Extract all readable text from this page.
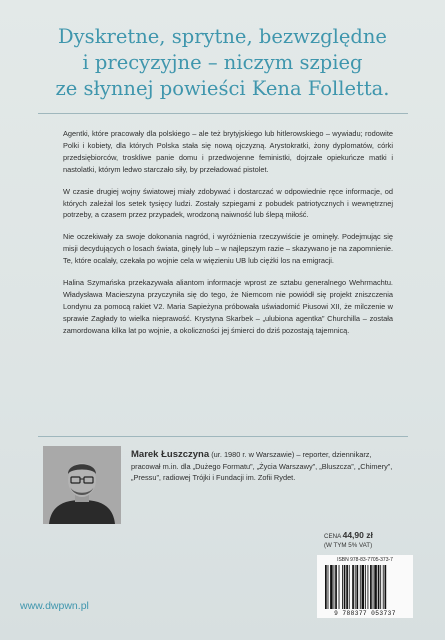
Dyskretne, sprytne, bezwzględne
i precyzyjne – niczym szpieg
ze słynnej powieści Kena Folletta.

Agentki, które pracowały dla polskiego – ale też brytyjskiego lub hitlerowskiego – wywiadu; rodowite Polki i kobiety, dla których Polska stała się nową ojczyzną. Arystokratki, żony dyplomatów, córki przedsiębiorców, troskliwe panie domu i przedwojenne feministki, dojrzałe opiekuńcze matki i nastolatki, którym ledwo starczało siły, by przeładować pistolet.

W czasie drugiej wojny światowej miały zdobywać i dostarczać w odpowiednie ręce informacje, od których zależał los setek tysięcy ludzi. Zostały szpiegami z pobudek patriotycznych i wewnętrznej potrzeby, a czasem przez przypadek, wrodzoną naiwność lub ślepą miłość.

Nie oczekiwały za swoje dokonania nagród, i wyróżnienia rzeczywiście je ominęły. Podejmując się misji decydujących o losach świata, ginęły lub – w najlepszym razie – skazywano je na zapomnienie. Te, które ocalały, czekała po wojnie cela w więzieniu UB lub ciężki los na emigracji.

Halina Szymańska przekazywała aliantom informacje wprost ze sztabu generalnego Wehrmachtu. Władysława Macieszyna przyczyniła się do tego, że Niemcom nie powiódł się projekt zniszczenia Londynu za pomocą rakiet V2. Maria Sapieżyna próbowała uświadomić Piusowi XII, że milczenie w sprawie Zagłady to wielka nieprawość. Krystyna Skarbek – „ulubiona agentka” Churchilla – została zamordowana kilka lat po wojnie, a okoliczności jej śmierci do dziś pozostają tajemnicą.

Marek Łuszczyna (ur. 1980 r. w Warszawie) – reporter, dziennikarz, pracował m.in. dla „Dużego Formatu”, „Życia Warszawy”, „Bluszcza”, „Chimery”, „Pressu”, radiowej Trójki i Fundacji im. Zofii Rydet.
CENA 44,90 zł
(W TYM 5% VAT)
ISBN 978-83-7705-373-7
9 788377 053737
www.dwpwn.pl
